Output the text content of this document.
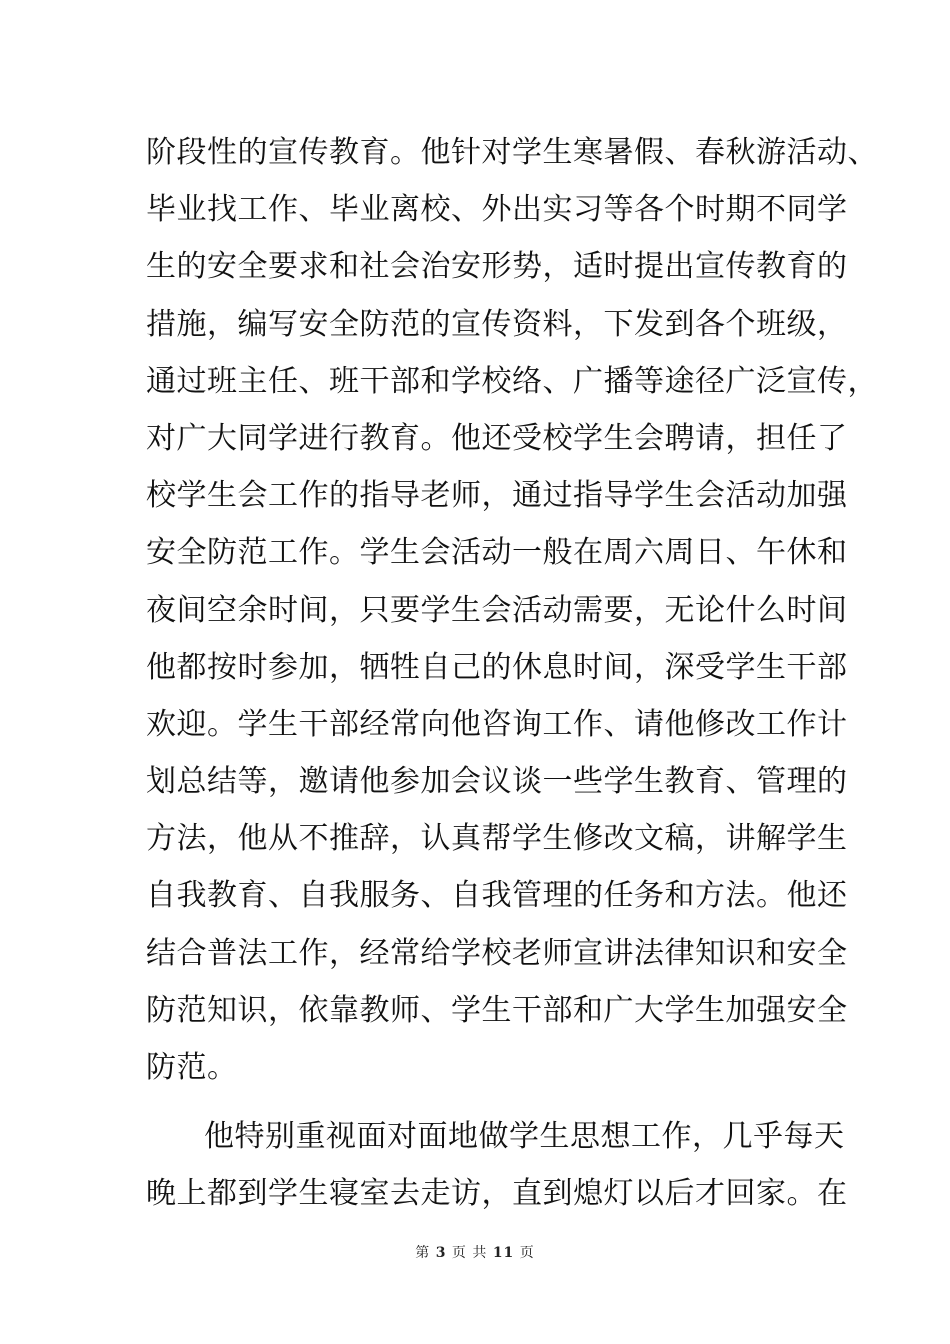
阶段性的宣传教育。他针对学生寒暑假、春秋游活动、
毕业找工作、毕业离校、外出实习等各个时期不同学
生的安全要求和社会治安形势，适时提出宣传教育的
措施，编写安全防范的宣传资料，下发到各个班级，
通过班主任、班干部和学校络、广播等途径广泛宣传，
对广大同学进行教育。他还受校学生会聘请，担任了
校学生会工作的指导老师，通过指导学生会活动加强
安全防范工作。学生会活动一般在周六周日、午休和
夜间空余时间，只要学生会活动需要，无论什么时间
他都按时参加，牺牲自己的休息时间，深受学生干部
欢迎。学生干部经常向他咨询工作、请他修改工作计
划总结等，邀请他参加会议谈一些学生教育、管理的
方法，他从不推辞，认真帮学生修改文稿，讲解学生
自我教育、自我服务、自我管理的任务和方法。他还
结合普法工作，经常给学校老师宣讲法律知识和安全
防范知识，依靠教师、学生干部和广大学生加强安全
防范。
他特别重视面对面地做学生思想工作，几乎每天
晚上都到学生寝室去走访，直到熄灯以后才回家。在
第 3 页 共 11 页
